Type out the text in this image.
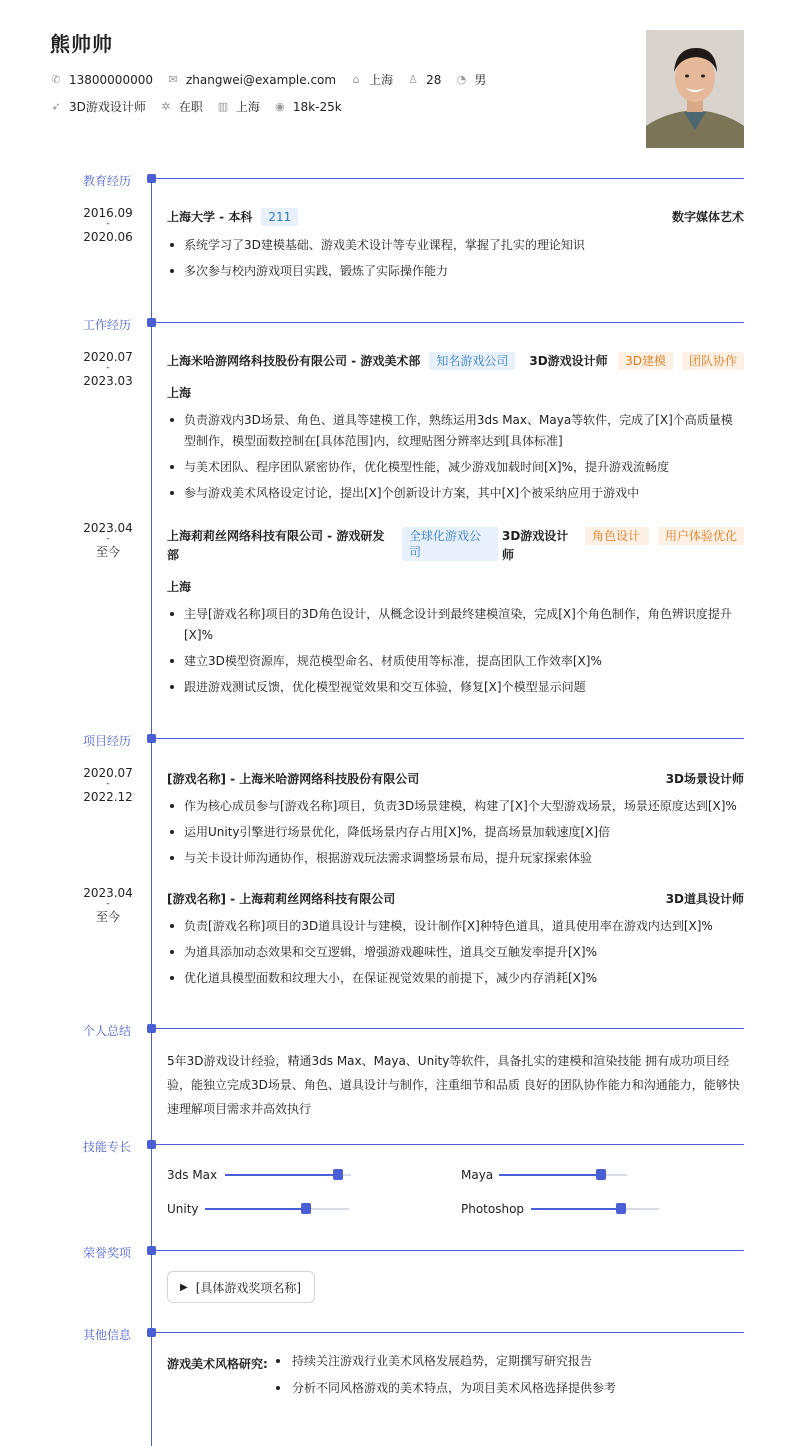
熊帅帅
✆ 13800000000 ✉ zhangwei@example.com ⌂ 上海 ♙ 28 ◔ 男
➶ 3D游戏设计师 ✲ 在职 ▥ 上海 ◉ 18k-25k
教育经历
2016.09
-
2020.06
上海大学 - 本科	211	数字媒体艺术
系统学习了3D建模基础、游戏美术设计等专业课程，掌握了扎实的理论知识
多次参与校内游戏项目实践，锻炼了实际操作能力
工作经历
2020.07
-
2023.03
上海米哈游网络科技股份有限公司 - 游戏美术部	知名游戏公司	3D游戏设计师	3D建模	团队协作
上海
负责游戏内3D场景、角色、道具等建模工作，熟练运用3ds Max、Maya等软件，完成了[X]个高质量模型制作，模型面数控制在[具体范围]内，纹理贴图分辨率达到[具体标准]
与美术团队、程序团队紧密协作，优化模型性能，减少游戏加载时间[X]%，提升游戏流畅度
参与游戏美术风格设定讨论，提出[X]个创新设计方案，其中[X]个被采纳应用于游戏中
2023.04
-
至今
上海莉莉丝网络科技有限公司 - 游戏研发部
全球化游戏公司
3D游戏设计师
角色设计	用户体验优化
上海
主导[游戏名称]项目的3D角色设计，从概念设计到最终建模渲染，完成[X]个角色制作，角色辨识度提升[X]%
建立3D模型资源库，规范模型命名、材质使用等标准，提高团队工作效率[X]%
跟进游戏测试反馈，优化模型视觉效果和交互体验，修复[X]个模型显示问题
项目经历
2020.07
-
2022.12
[游戏名称] - 上海米哈游网络科技股份有限公司	3D场景设计师
作为核心成员参与[游戏名称]项目，负责3D场景建模，构建了[X]个大型游戏场景，场景还原度达到[X]%
运用Unity引擎进行场景优化，降低场景内存占用[X]%，提高场景加载速度[X]倍
与关卡设计师沟通协作，根据游戏玩法需求调整场景布局，提升玩家探索体验
2023.04
-
至今
[游戏名称] - 上海莉莉丝网络科技有限公司	3D道具设计师
负责[游戏名称]项目的3D道具设计与建模，设计制作[X]种特色道具，道具使用率在游戏内达到[X]%
为道具添加动态效果和交互逻辑，增强游戏趣味性，道具交互触发率提升[X]%
优化道具模型面数和纹理大小，在保证视觉效果的前提下，减少内存消耗[X]%
个人总结
5年3D游戏设计经验，精通3ds Max、Maya、Unity等软件，具备扎实的建模和渲染技能 拥有成功项目经验，能独立完成3D场景、角色、道具设计与制作，注重细节和品质 良好的团队协作能力和沟通能力，能够快速理解项目需求并高效执行
技能专长
3ds Max	Maya
Unity	Photoshop
荣誉奖项
▶ [具体游戏奖项名称]
其他信息
游戏美术风格研究:	持续关注游戏行业美术风格发展趋势，定期撰写研究报告
分析不同风格游戏的美术特点，为项目美术风格选择提供参考
